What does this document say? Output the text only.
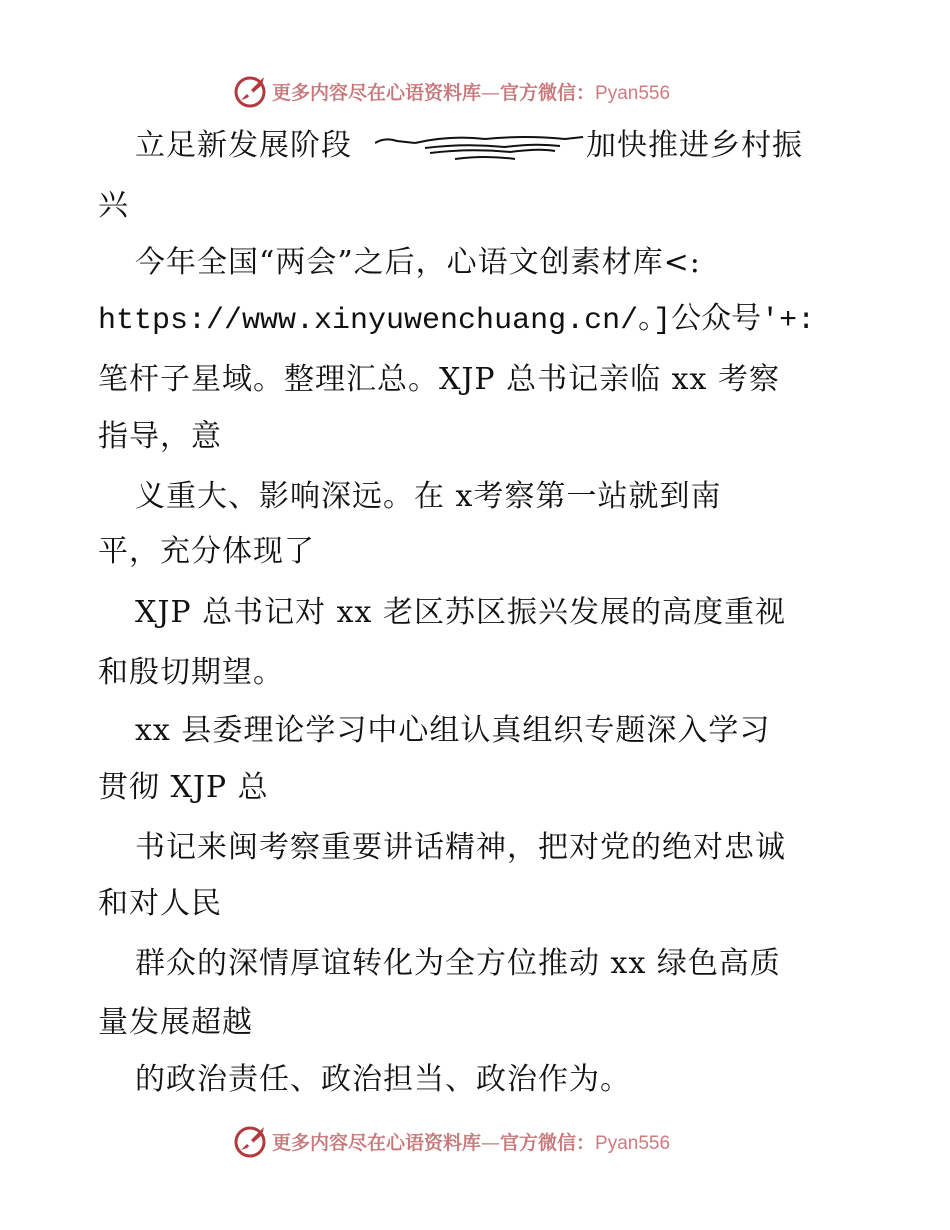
更多内容尽在心语资料库—官方微信：Pyan556
立足新发展阶段	加快推进乡村振
兴
今年全国“两会”之后，心语文创素材库<:
https://www.xinyuwenchuang.cn/。]公众号′+:
笔杆子星域。整理汇总。XJP 总书记亲临 xx 考察
指导，意
义重大、影响深远。在 x考察第一站就到南
平，充分体现了
XJP 总书记对 xx 老区苏区振兴发展的高度重视
和殷切期望。
xx 县委理论学习中心组认真组织专题深入学习
贯彻 XJP 总
书记来闽考察重要讲话精神，把对党的绝对忠诚
和对人民
群众的深情厚谊转化为全方位推动 xx 绿色高质
量发展超越
的政治责任、政治担当、政治作为。
更多内容尽在心语资料库—官方微信：Pyan556
